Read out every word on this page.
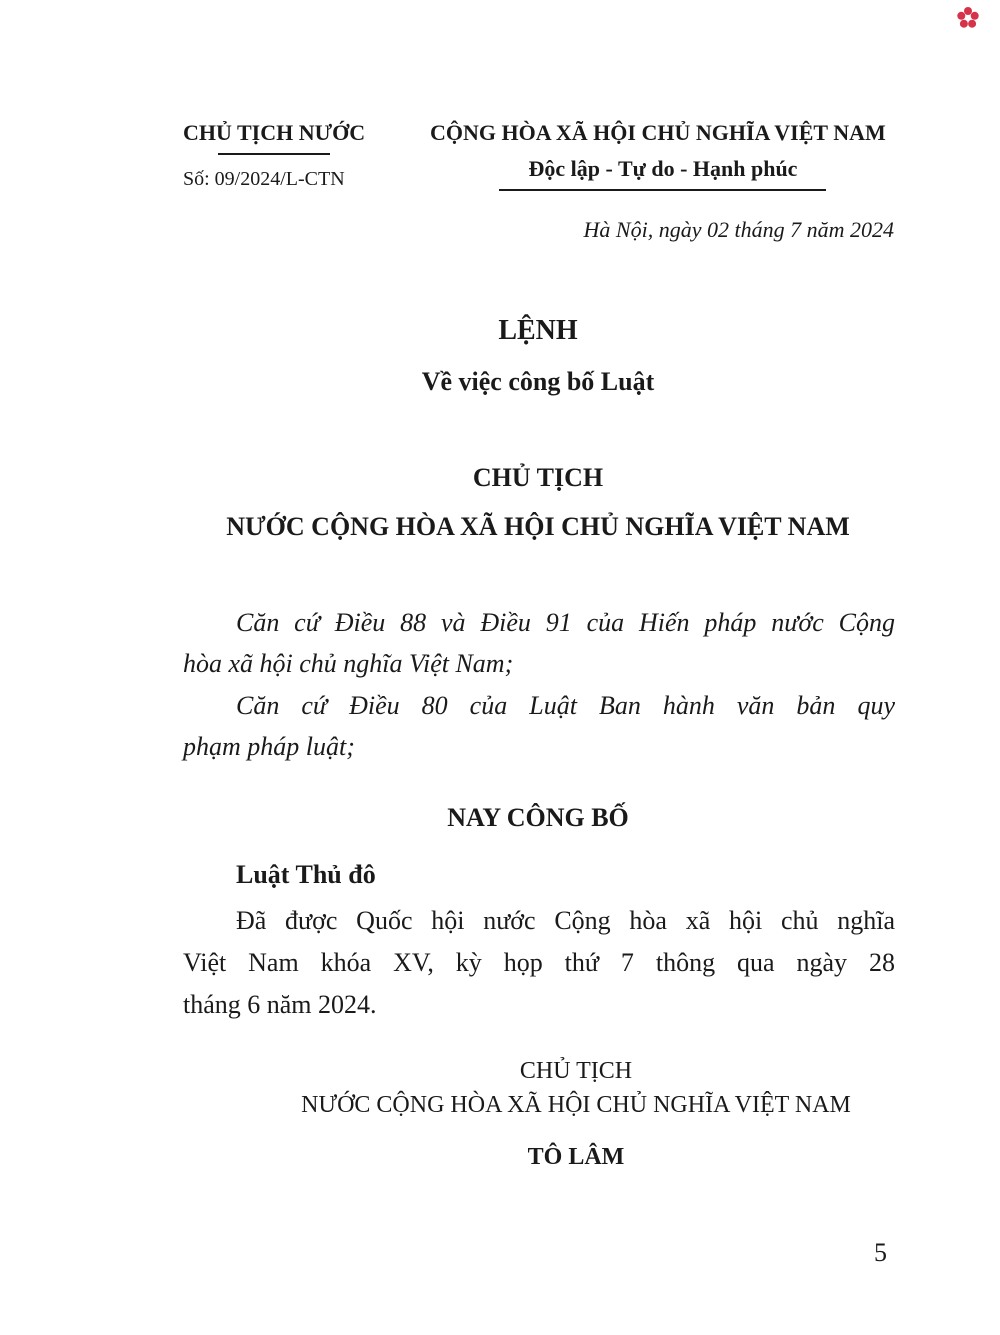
CHỦ TỊCH NƯỚC
Số: 09/2024/L-CTN
CỘNG HÒA XÃ HỘI CHỦ NGHĨA VIỆT NAM
Độc lập - Tự do - Hạnh phúc
Hà Nội, ngày 02 tháng 7 năm 2024
LỆNH
Về việc công bố Luật
CHỦ TỊCH
NƯỚC CỘNG HÒA XÃ HỘI CHỦ NGHĨA VIỆT NAM
Căn cứ Điều 88 và Điều 91 của Hiến pháp nước Cộng
hòa xã hội chủ nghĩa Việt Nam;
Căn cứ Điều 80 của Luật Ban hành văn bản quy
phạm pháp luật;
NAY CÔNG BỐ
Luật Thủ đô
Đã được Quốc hội nước Cộng hòa xã hội chủ nghĩa
Việt Nam khóa XV, kỳ họp thứ 7 thông qua ngày 28
tháng 6 năm 2024.
CHỦ TỊCH
NƯỚC CỘNG HÒA XÃ HỘI CHỦ NGHĨA VIỆT NAM
TÔ LÂM
5
